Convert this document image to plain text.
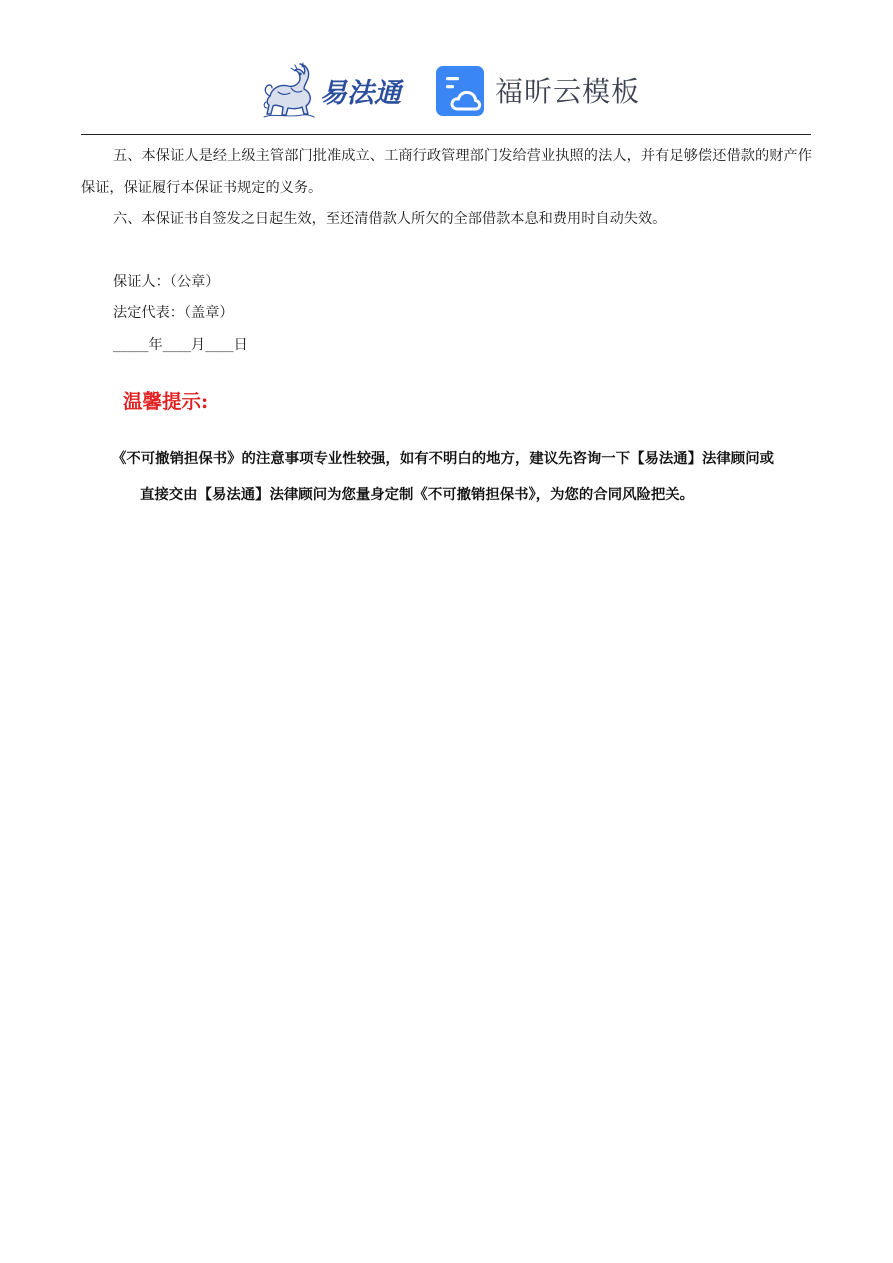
易法通	福昕云模板

五、本保证人是经上级主管部门批准成立、工商行政管理部门发给营业执照的法人，并有足够偿还借款的财产作保证，保证履行本保证书规定的义务。

六、本保证书自签发之日起生效，至还清借款人所欠的全部借款本息和费用时自动失效。

保证人：（公章）

法定代表：（盖章）

_____年____月____日

温馨提示:

《不可撤销担保书》的注意事项专业性较强，如有不明白的地方，建议先咨询一下【易法通】法律顾问或

直接交由【易法通】法律顾问为您量身定制《不可撤销担保书》，为您的合同风险把关。
